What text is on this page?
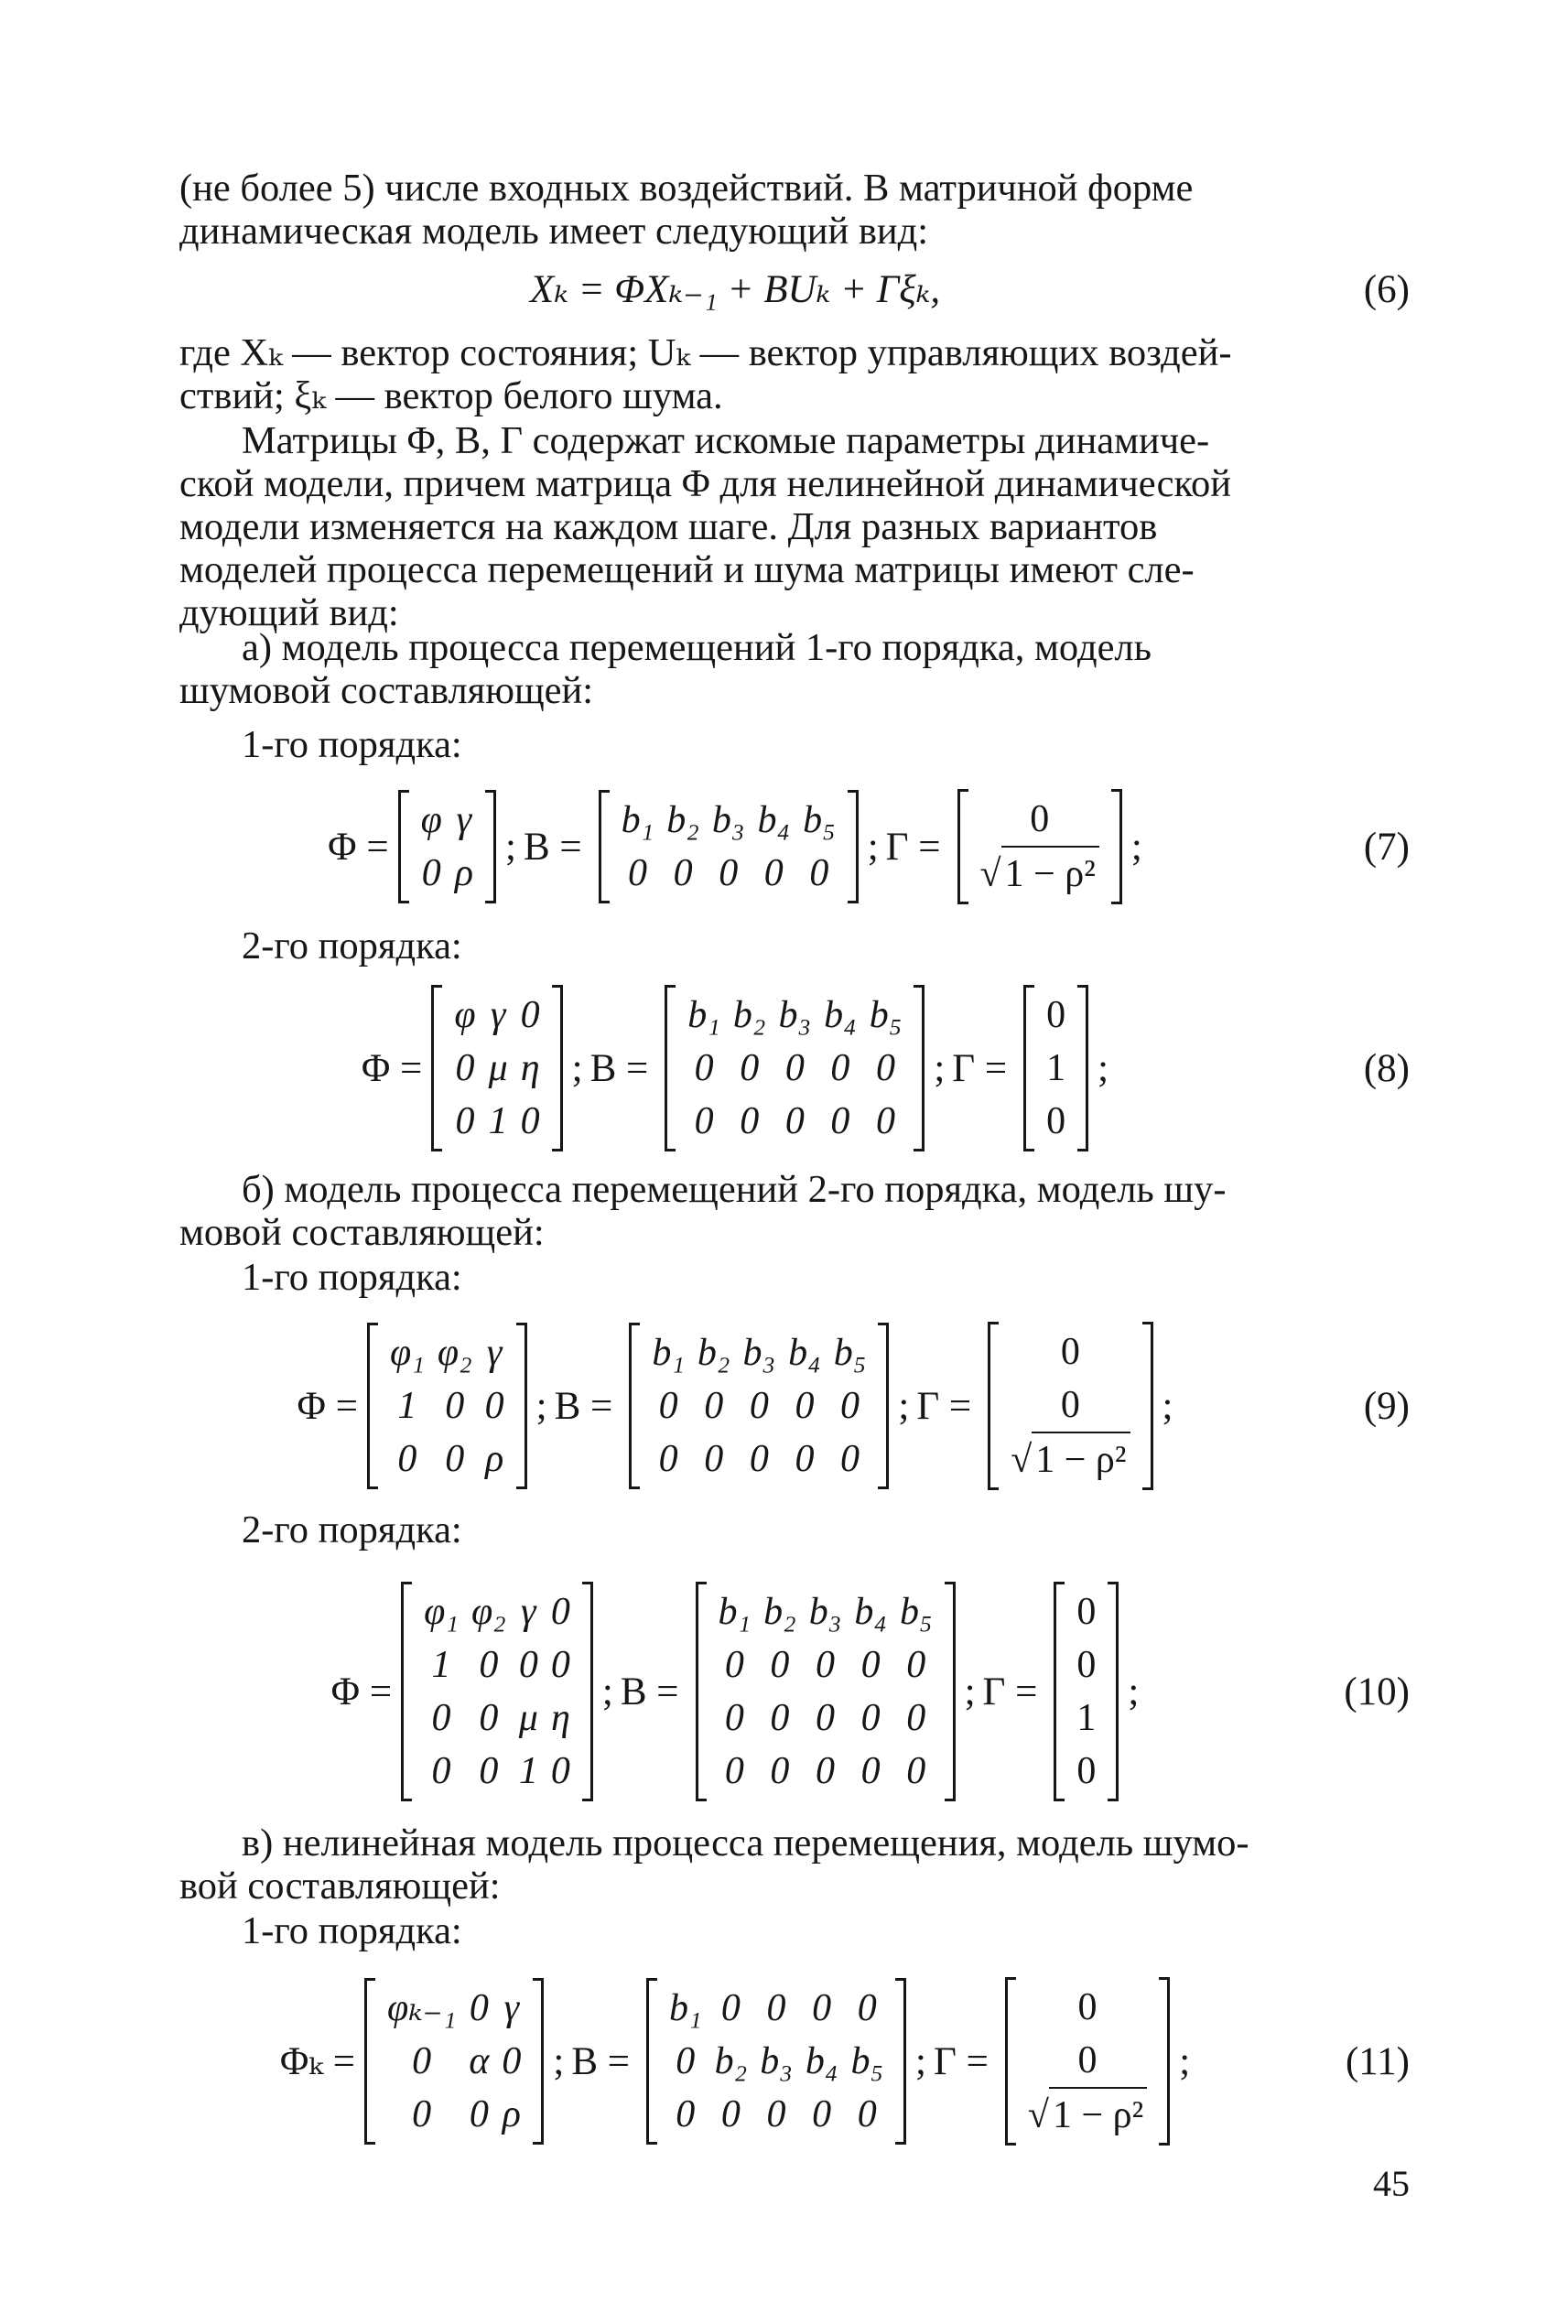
(не более 5) числе входных воздействий. В матричной форме

динамическая модель имеет следующий вид:

Xₖ = ΦXₖ₋₁ + BUₖ + Γξₖ,	(6)

где Xₖ — вектор состояния; Uₖ — вектор управляющих воздей-

ствий; ξₖ — вектор белого шума.

Матрицы Φ, B, Γ содержат искомые параметры динамиче-

ской модели, причем матрица Φ для нелинейной динамической

модели изменяется на каждом шаге. Для разных вариантов

моделей процесса перемещений и шума матрицы имеют сле-

дующий вид:

а) модель процесса перемещений 1-го порядка, модель

шумовой составляющей:

1-го порядка:

Φ =
φ	γ
0	ρ
; B =
b₁	b₂	b₃	b₄	b₅
0	0	0	0	0
; Γ =
0

√ 1 − ρ²
;	(7)

2-го порядка:

Φ =
φ	γ	0
0	μ	η
0	1	0
; B =
b₁	b₂	b₃	b₄	b₅
0	0	0	0	0
0	0	0	0	0
; Γ =
0
1
0
;	(8)

б) модель процесса перемещений 2-го порядка, модель шу-

мовой составляющей:

1-го порядка:

Φ =
φ₁	φ₂	γ
1	0	0
0	0	ρ
; B =
b₁	b₂	b₃	b₄	b₅
0	0	0	0	0
0	0	0	0	0
; Γ =
0
0

√ 1 − ρ²
;	(9)

2-го порядка:

Φ =
φ₁	φ₂	γ	0
1	0	0	0
0	0	μ	η
0	0	1	0
; B =
b₁	b₂	b₃	b₄	b₅
0	0	0	0	0
0	0	0	0	0
0	0	0	0	0
; Γ =
0
0
1
0
;	(10)

в) нелинейная модель процесса перемещения, модель шумо-

вой составляющей:

1-го порядка:

Φₖ =
φₖ₋₁	0	γ
0	α	0
0	0	ρ
; B =
b₁	0	0	0	0
0	b₂	b₃	b₄	b₅
0	0	0	0	0
; Γ =
0
0

√ 1 − ρ²
;	(11)
45
